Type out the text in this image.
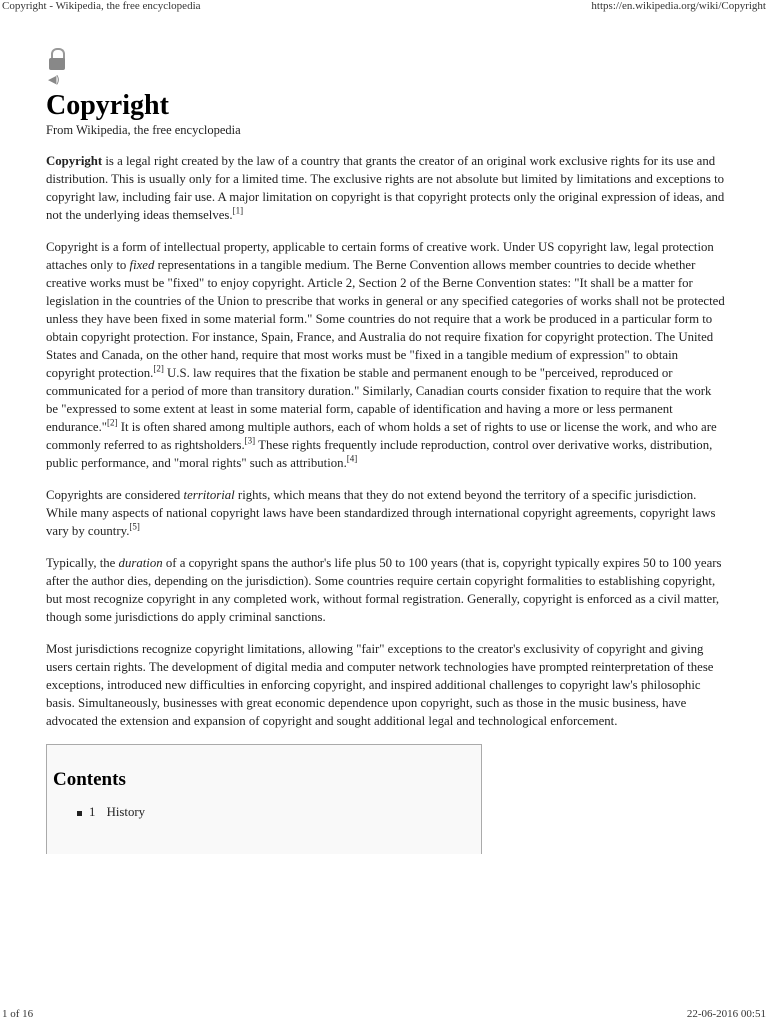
Copyright - Wikipedia, the free encyclopedia	https://en.wikipedia.org/wiki/Copyright
◀)
Copyright
From Wikipedia, the free encyclopedia

Copyright is a legal right created by the law of a country that grants the creator of an original work exclusive rights for its use and distribution. This is usually only for a limited time. The exclusive rights are not absolute but limited by limitations and exceptions to copyright law, including fair use. A major limitation on copyright is that copyright protects only the original expression of ideas, and not the underlying ideas themselves.[1]

Copyright is a form of intellectual property, applicable to certain forms of creative work. Under US copyright law, legal protection attaches only to fixed representations in a tangible medium. The Berne Convention allows member countries to decide whether creative works must be "fixed" to enjoy copyright. Article 2, Section 2 of the Berne Convention states: "It shall be a matter for legislation in the countries of the Union to prescribe that works in general or any specified categories of works shall not be protected unless they have been fixed in some material form." Some countries do not require that a work be produced in a particular form to obtain copyright protection. For instance, Spain, France, and Australia do not require fixation for copyright protection. The United States and Canada, on the other hand, require that most works must be "fixed in a tangible medium of expression" to obtain copyright protection.[2] U.S. law requires that the fixation be stable and permanent enough to be "perceived, reproduced or communicated for a period of more than transitory duration." Similarly, Canadian courts consider fixation to require that the work be "expressed to some extent at least in some material form, capable of identification and having a more or less permanent endurance."[2] It is often shared among multiple authors, each of whom holds a set of rights to use or license the work, and who are commonly referred to as rightsholders.[3] These rights frequently include reproduction, control over derivative works, distribution, public performance, and "moral rights" such as attribution.[4]

Copyrights are considered territorial rights, which means that they do not extend beyond the territory of a specific jurisdiction. While many aspects of national copyright laws have been standardized through international copyright agreements, copyright laws vary by country.[5]

Typically, the duration of a copyright spans the author's life plus 50 to 100 years (that is, copyright typically expires 50 to 100 years after the author dies, depending on the jurisdiction). Some countries require certain copyright formalities to establishing copyright, but most recognize copyright in any completed work, without formal registration. Generally, copyright is enforced as a civil matter, though some jurisdictions do apply criminal sanctions.

Most jurisdictions recognize copyright limitations, allowing "fair" exceptions to the creator's exclusivity of copyright and giving users certain rights. The development of digital media and computer network technologies have prompted reinterpretation of these exceptions, introduced new difficulties in enforcing copyright, and inspired additional challenges to copyright law's philosophic basis. Simultaneously, businesses with great economic dependence upon copyright, such as those in the music business, have advocated the extension and expansion of copyright and sought additional legal and technological enforcement.

Contents
1 History
1 of 16	22-06-2016 00:51
